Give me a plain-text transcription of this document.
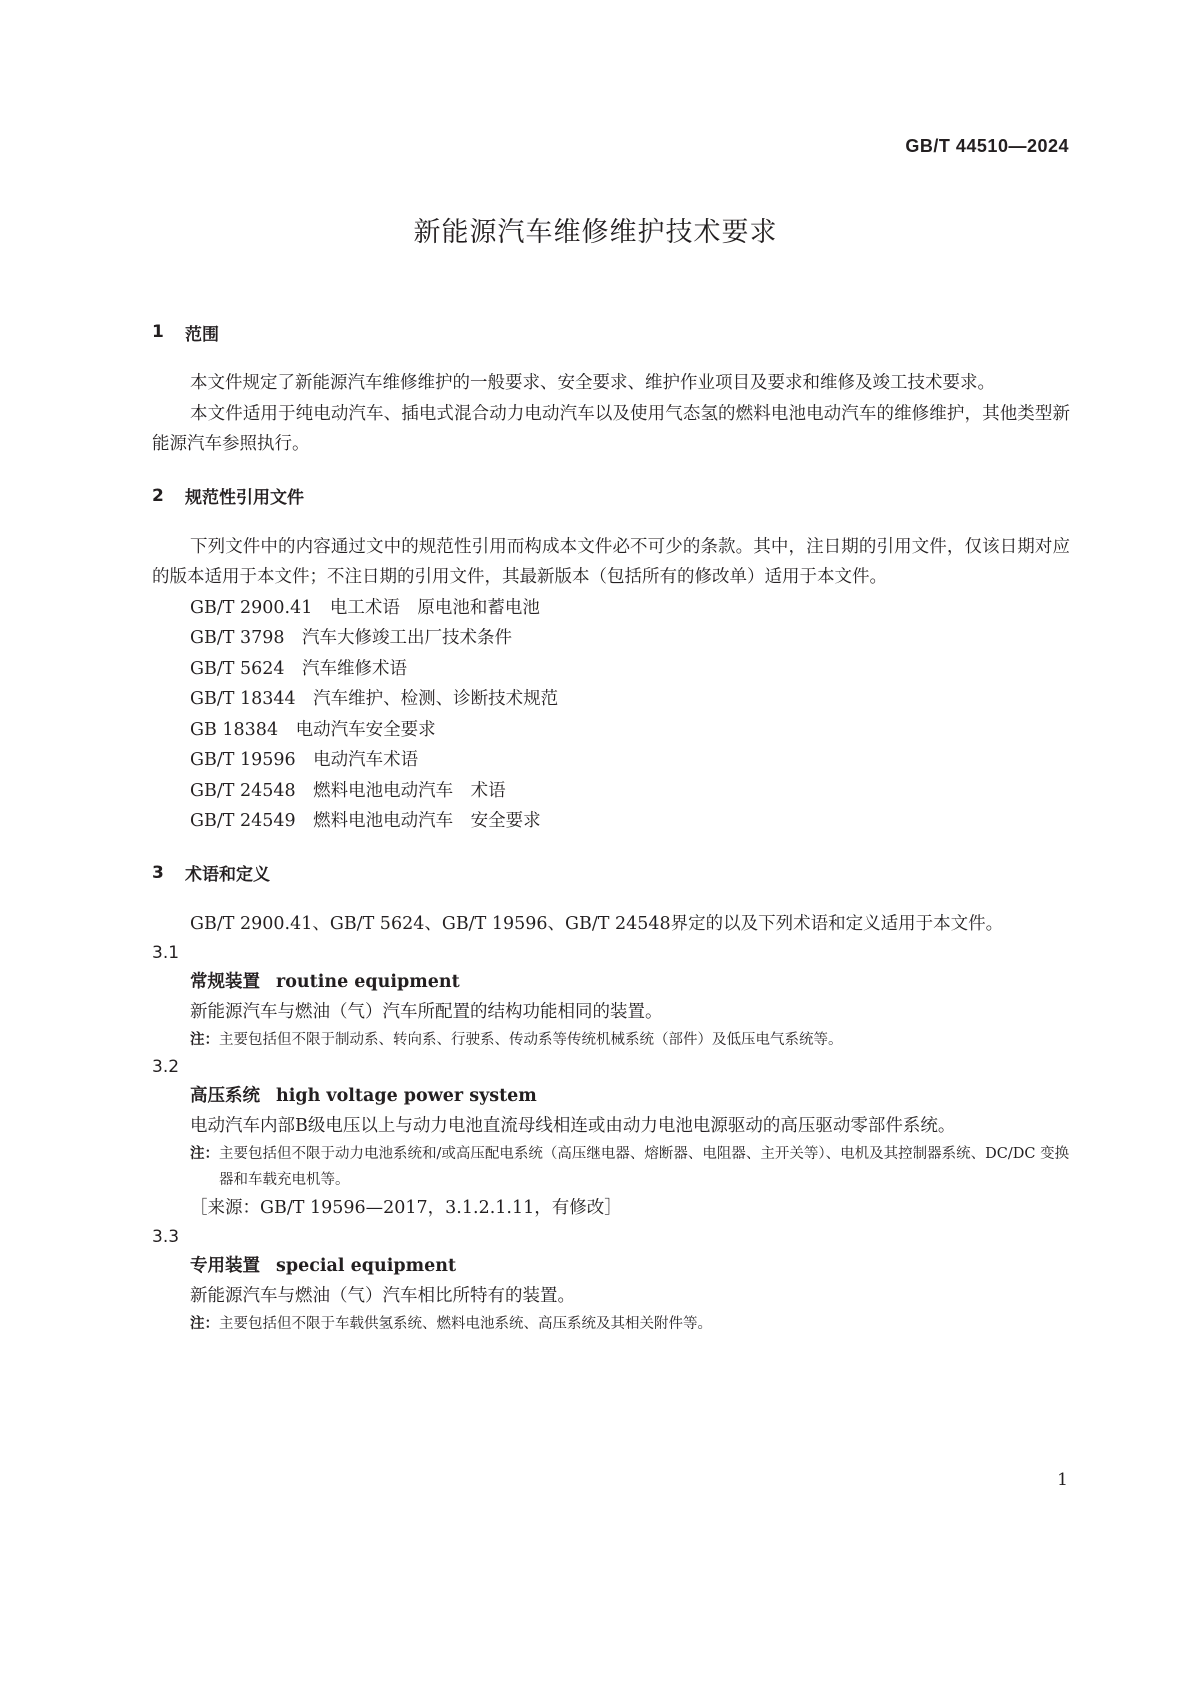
GB/T 44510—2024
新能源汽车维修维护技术要求
1	范围
本文件规定了新能源汽车维修维护的一般要求、安全要求、维护作业项目及要求和维修及竣工技术要求。
本文件适用于纯电动汽车、插电式混合动力电动汽车以及使用气态氢的燃料电池电动汽车的维修维护，其他类型新能源汽车参照执行。
2	规范性引用文件
下列文件中的内容通过文中的规范性引用而构成本文件必不可少的条款。其中，注日期的引用文件，仅该日期对应的版本适用于本文件；不注日期的引用文件，其最新版本（包括所有的修改单）适用于本文件。
GB/T 2900.41　电工术语　原电池和蓄电池
GB/T 3798　汽车大修竣工出厂技术条件
GB/T 5624　汽车维修术语
GB/T 18344　汽车维护、检测、诊断技术规范
GB 18384　电动汽车安全要求
GB/T 19596　电动汽车术语
GB/T 24548　燃料电池电动汽车　术语
GB/T 24549　燃料电池电动汽车　安全要求
3	术语和定义
GB/T 2900.41、GB/T 5624、GB/T 19596、GB/T 24548界定的以及下列术语和定义适用于本文件。
3.1
常规装置 routine equipment
新能源汽车与燃油（气）汽车所配置的结构功能相同的装置。
注： 主要包括但不限于制动系、转向系、行驶系、传动系等传统机械系统（部件）及低压电气系统等。
3.2
高压系统 high voltage power system
电动汽车内部B级电压以上与动力电池直流母线相连或由动力电池电源驱动的高压驱动零部件系统。
注： 主要包括但不限于动力电池系统和/或高压配电系统（高压继电器、熔断器、电阻器、主开关等）、电机及其控制器系统、DC/DC 变换器和车载充电机等。
［来源：GB/T 19596—2017，3.1.2.1.11，有修改］
3.3
专用装置 special equipment
新能源汽车与燃油（气）汽车相比所特有的装置。
注： 主要包括但不限于车载供氢系统、燃料电池系统、高压系统及其相关附件等。
1
